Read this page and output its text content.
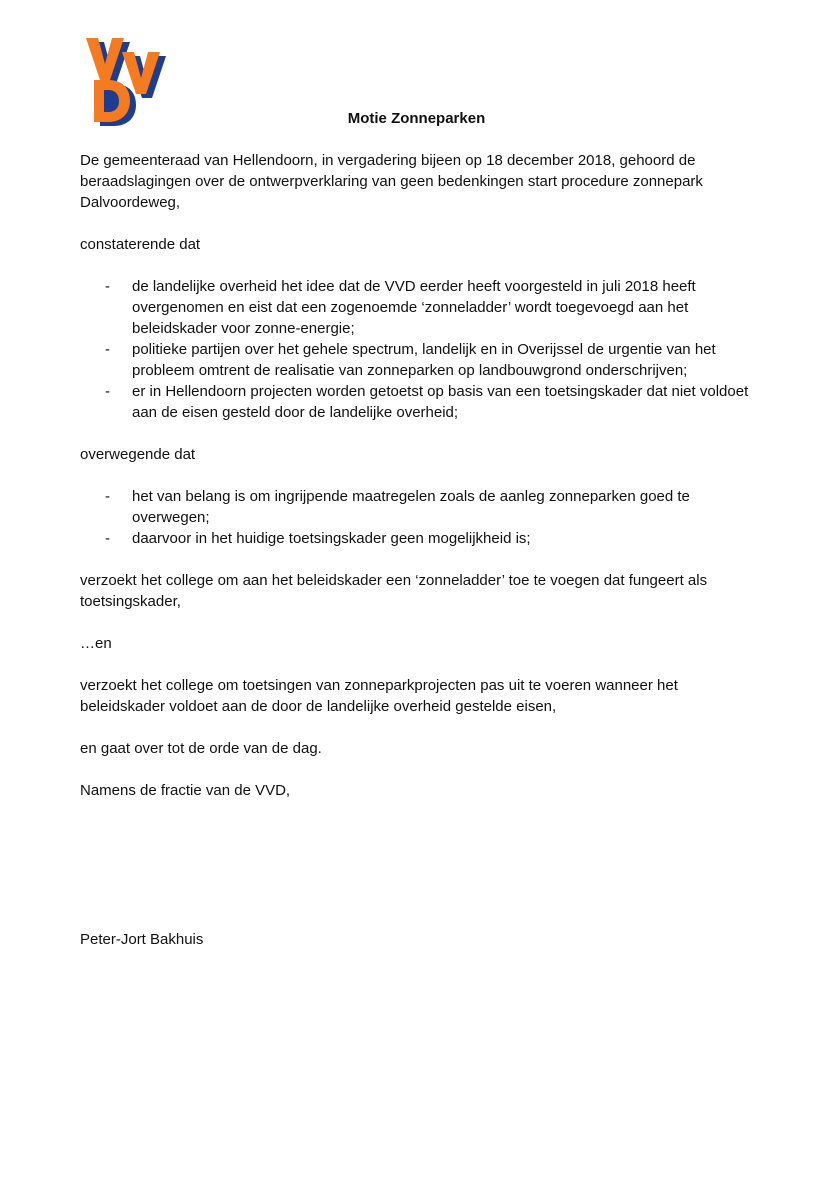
Motie Zonneparken

De gemeenteraad van Hellendoorn, in vergadering bijeen op 18 december 2018, gehoord de beraadslagingen over de ontwerpverklaring van geen bedenkingen start procedure zonnepark Dalvoordeweg,

constaterende dat

- de landelijke overheid het idee dat de VVD eerder heeft voorgesteld in juli 2018 heeft overgenomen en eist dat een zogenoemde ‘zonneladder’ wordt toegevoegd aan het beleidskader voor zonne-energie;
- politieke partijen over het gehele spectrum, landelijk en in Overijssel de urgentie van het probleem omtrent de realisatie van zonneparken op landbouwgrond onderschrijven;
- er in Hellendoorn projecten worden getoetst op basis van een toetsingskader dat niet voldoet aan de eisen gesteld door de landelijke overheid;

overwegende dat

- het van belang is om ingrijpende maatregelen zoals de aanleg zonneparken goed te overwegen;
- daarvoor in het huidige toetsingskader geen mogelijkheid is;

verzoekt het college om aan het beleidskader een ‘zonneladder’ toe te voegen dat fungeert als toetsingskader,

…en

verzoekt het college om toetsingen van zonneparkprojecten pas uit te voeren wanneer het beleidskader voldoet aan de door de landelijke overheid gestelde eisen,

en gaat over tot de orde van de dag.

Namens de fractie van de VVD,

Peter-Jort Bakhuis
